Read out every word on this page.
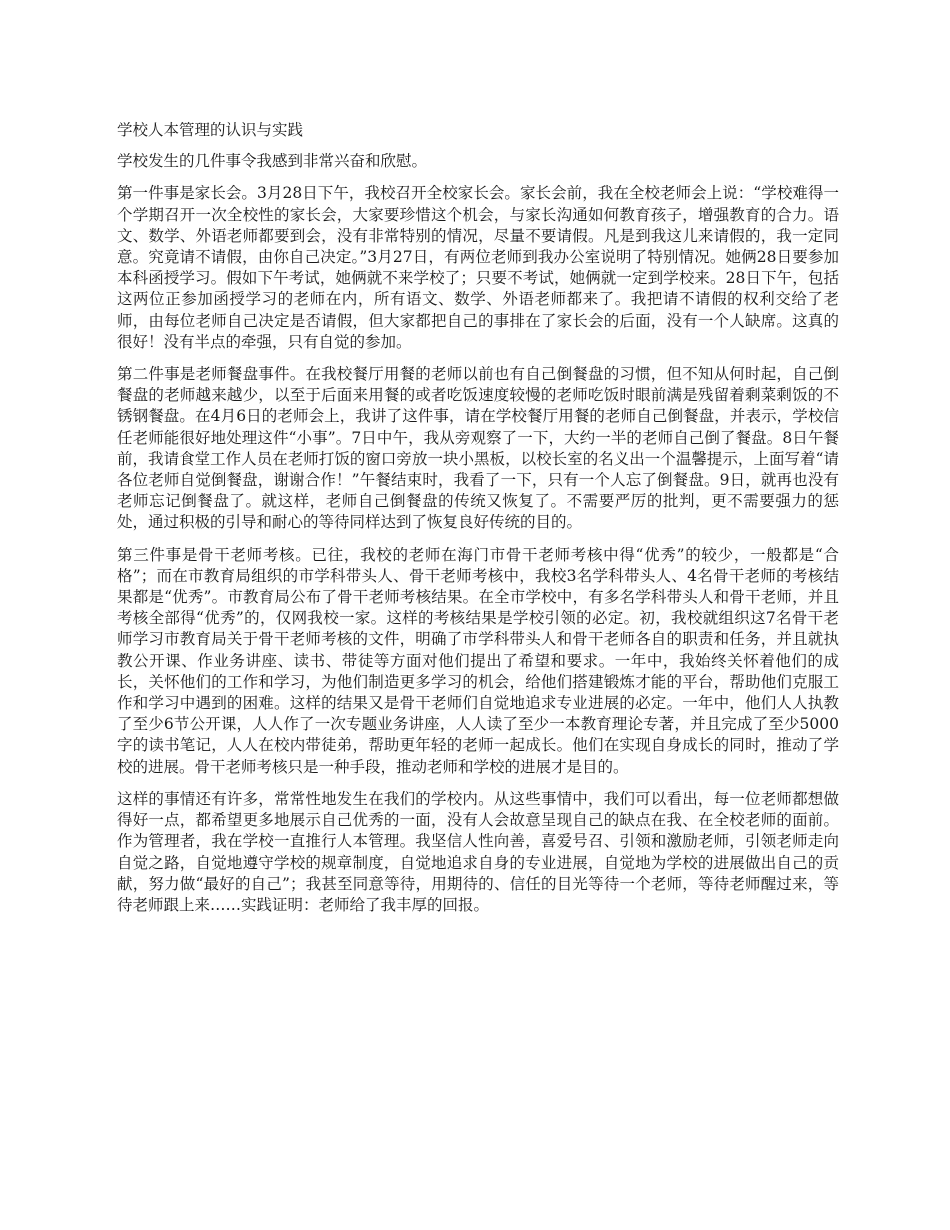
学校人本管理的认识与实践

学校发生的几件事令我感到非常兴奋和欣慰。

第一件事是家长会。3月28日下午，我校召开全校家长会。家长会前，我在全校老师会上说：“学校难得一个学期召开一次全校性的家长会，大家要珍惜这个机会，与家长沟通如何教育孩子，增强教育的合力。语文、数学、外语老师都要到会，没有非常特别的情况，尽量不要请假。凡是到我这儿来请假的，我一定同意。究竟请不请假，由你自己决定。”3月27日，有两位老师到我办公室说明了特别情况。她俩28日要参加本科函授学习。假如下午考试，她俩就不来学校了；只要不考试，她俩就一定到学校来。28日下午，包括这两位正参加函授学习的老师在内，所有语文、数学、外语老师都来了。我把请不请假的权利交给了老师，由每位老师自己决定是否请假，但大家都把自己的事排在了家长会的后面，没有一个人缺席。这真的很好！没有半点的牵强，只有自觉的参加。

第二件事是老师餐盘事件。在我校餐厅用餐的老师以前也有自己倒餐盘的习惯，但不知从何时起，自己倒餐盘的老师越来越少，以至于后面来用餐的或者吃饭速度较慢的老师吃饭时眼前满是残留着剩菜剩饭的不锈钢餐盘。在4月6日的老师会上，我讲了这件事，请在学校餐厅用餐的老师自己倒餐盘，并表示，学校信任老师能很好地处理这件“小事”。7日中午，我从旁观察了一下，大约一半的老师自己倒了餐盘。8日午餐前，我请食堂工作人员在老师打饭的窗口旁放一块小黑板，以校长室的名义出一个温馨提示，上面写着“请各位老师自觉倒餐盘，谢谢合作！”午餐结束时，我看了一下，只有一个人忘了倒餐盘。9日，就再也没有老师忘记倒餐盘了。就这样，老师自己倒餐盘的传统又恢复了。不需要严厉的批判，更不需要强力的惩处，通过积极的引导和耐心的等待同样达到了恢复良好传统的目的。

第三件事是骨干老师考核。已往，我校的老师在海门市骨干老师考核中得“优秀”的较少，一般都是“合格”；而在市教育局组织的市学科带头人、骨干老师考核中，我校3名学科带头人、4名骨干老师的考核结果都是“优秀”。市教育局公布了骨干老师考核结果。在全市学校中，有多名学科带头人和骨干老师，并且考核全部得“优秀”的，仅网我校一家。这样的考核结果是学校引领的必定。初，我校就组织这7名骨干老师学习市教育局关于骨干老师考核的文件，明确了市学科带头人和骨干老师各自的职责和任务，并且就执教公开课、作业务讲座、读书、带徒等方面对他们提出了希望和要求。一年中，我始终关怀着他们的成长，关怀他们的工作和学习，为他们制造更多学习的机会，给他们搭建锻炼才能的平台，帮助他们克服工作和学习中遇到的困难。这样的结果又是骨干老师们自觉地追求专业进展的必定。一年中，他们人人执教了至少6节公开课，人人作了一次专题业务讲座，人人读了至少一本教育理论专著，并且完成了至少5000字的读书笔记，人人在校内带徒弟，帮助更年轻的老师一起成长。他们在实现自身成长的同时，推动了学校的进展。骨干老师考核只是一种手段，推动老师和学校的进展才是目的。

这样的事情还有许多，常常性地发生在我们的学校内。从这些事情中，我们可以看出，每一位老师都想做得好一点，都希望更多地展示自己优秀的一面，没有人会故意呈现自己的缺点在我、在全校老师的面前。作为管理者，我在学校一直推行人本管理。我坚信人性向善，喜爱号召、引领和激励老师，引领老师走向自觉之路，自觉地遵守学校的规章制度，自觉地追求自身的专业进展，自觉地为学校的进展做出自己的贡献，努力做“最好的自己”；我甚至同意等待，用期待的、信任的目光等待一个老师，等待老师醒过来，等待老师跟上来……实践证明：老师给了我丰厚的回报。
